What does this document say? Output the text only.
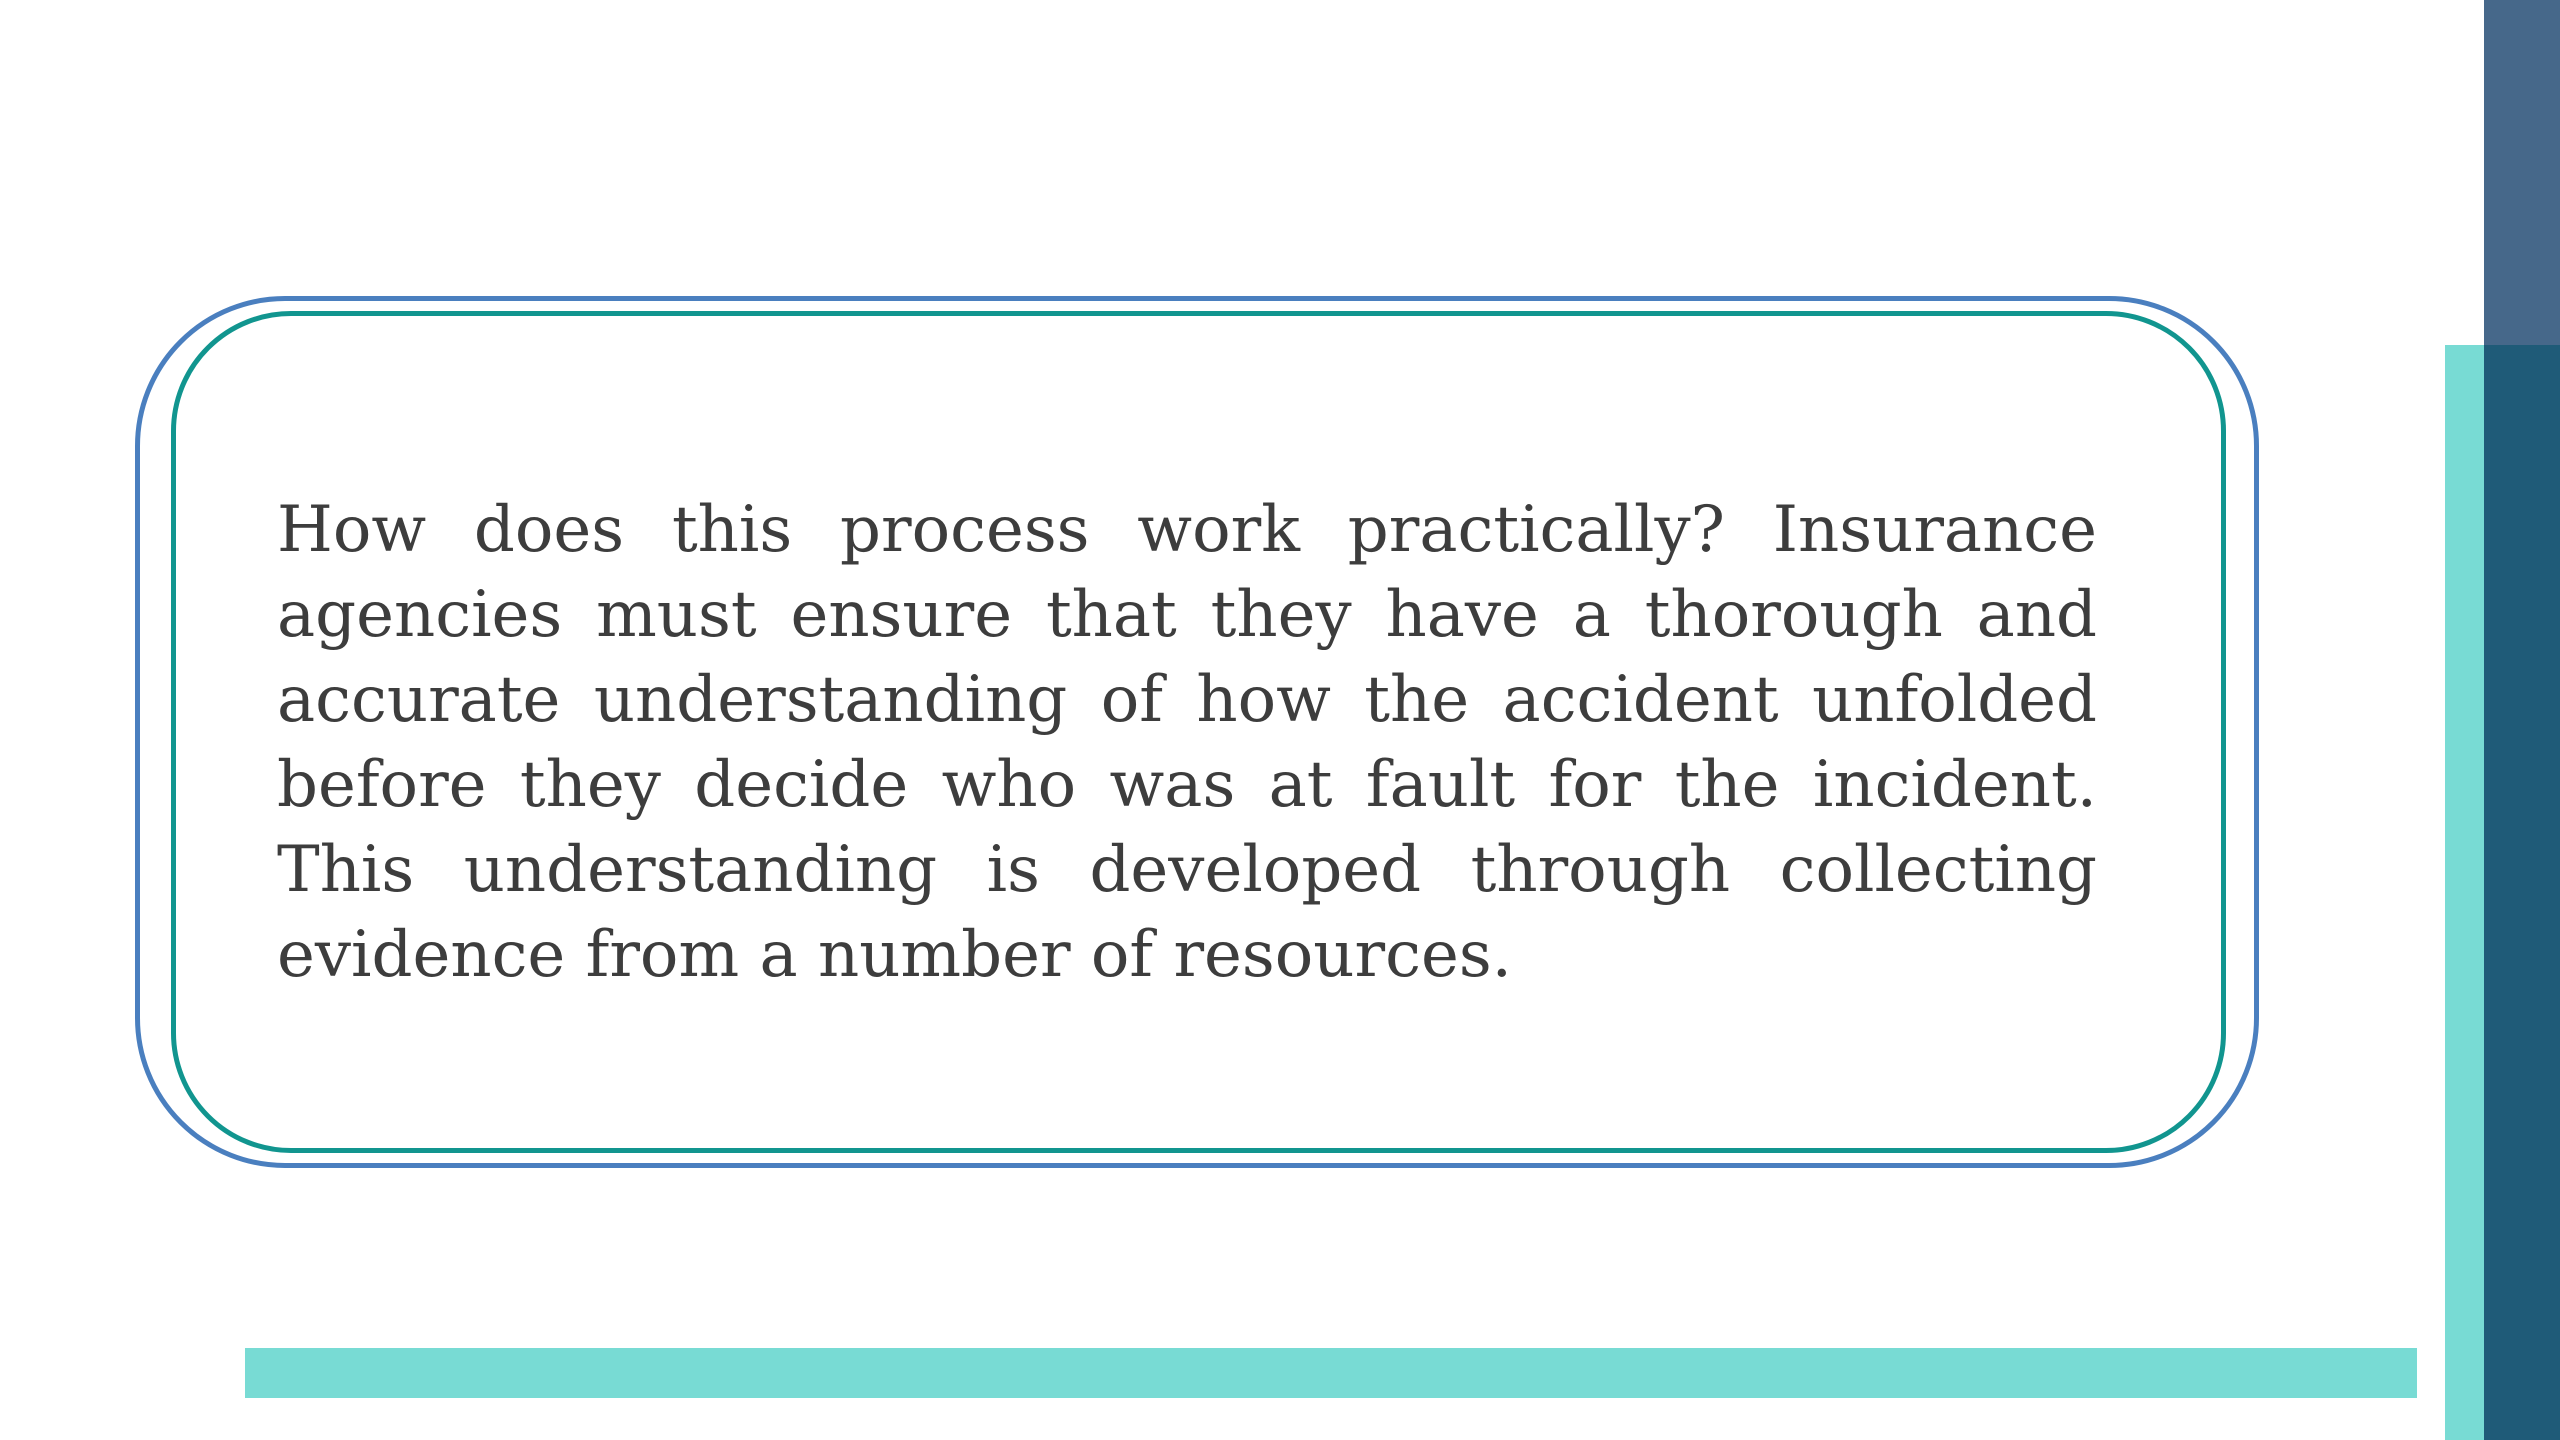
How does this process work practically? Insurance agencies must ensure that they have a thorough and accurate understanding of how the accident unfolded before they decide who was at fault for the incident. This understanding is developed through collecting evidence from a number of resources.
